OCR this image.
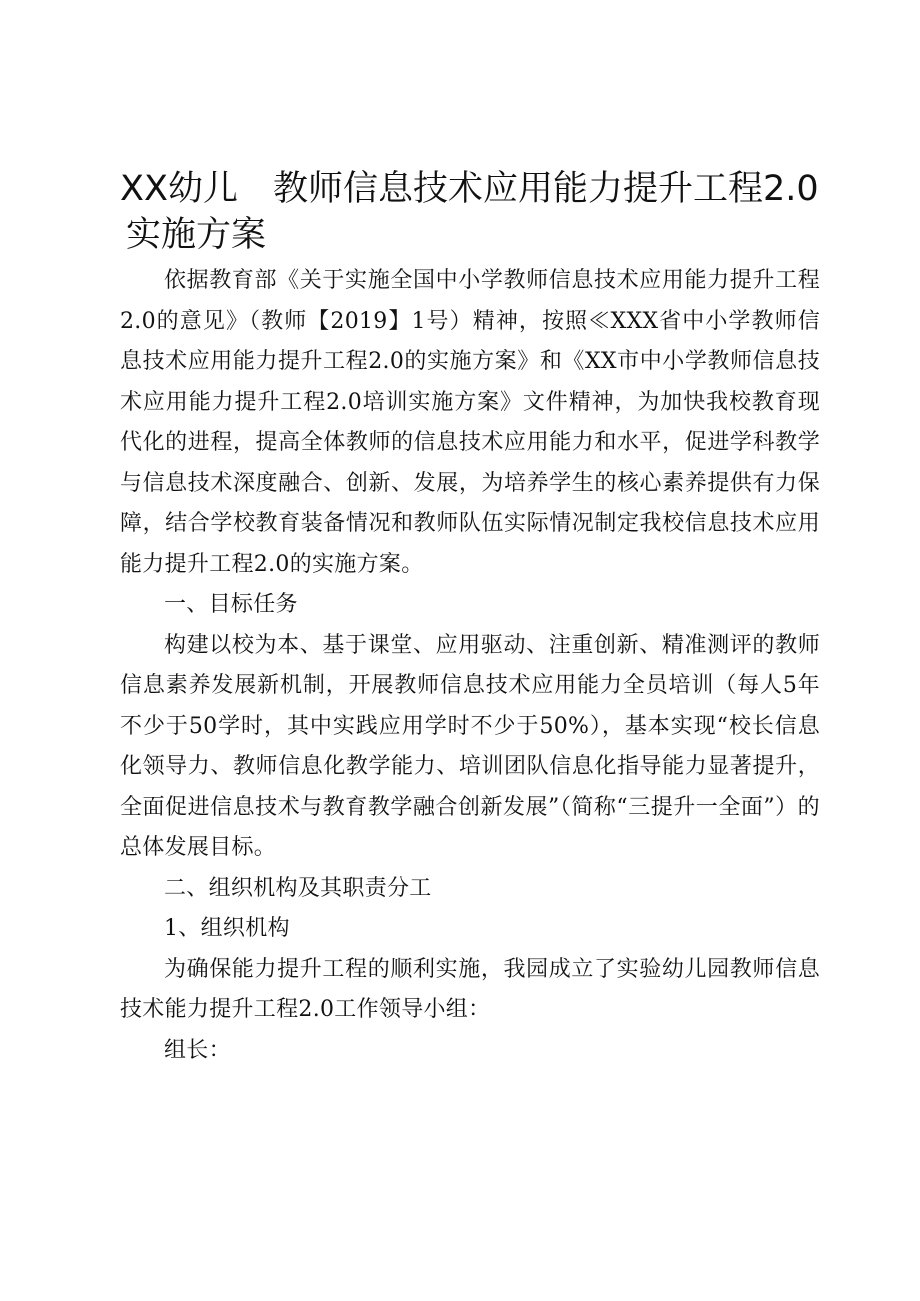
XX幼儿　教师信息技术应用能力提升工程2.0
实施方案

依据教育部《关于实施全国中小学教师信息技术应用能力提升工程2.0的意见》（教师【2019】1号）精神，按照≪XXX省中小学教师信息技术应用能力提升工程2.0的实施方案》和《XX市中小学教师信息技术应用能力提升工程2.0培训实施方案》文件精神，为加快我校教育现代化的进程，提高全体教师的信息技术应用能力和水平，促进学科教学与信息技术深度融合、创新、发展，为培养学生的核心素养提供有力保障，结合学校教育装备情况和教师队伍实际情况制定我校信息技术应用能力提升工程2.0的实施方案。

一、目标任务

构建以校为本、基于课堂、应用驱动、注重创新、精准测评的教师信息素养发展新机制，开展教师信息技术应用能力全员培训（每人5年不少于50学时，其中实践应用学时不少于50%），基本实现“校长信息化领导力、教师信息化教学能力、培训团队信息化指导能力显著提升，全面促进信息技术与教育教学融合创新发展”（简称“三提升一全面”）的总体发展目标。

二、组织机构及其职责分工

1、组织机构

为确保能力提升工程的顺利实施，我园成立了实验幼儿园教师信息技术能力提升工程2.0工作领导小组：

组长：
